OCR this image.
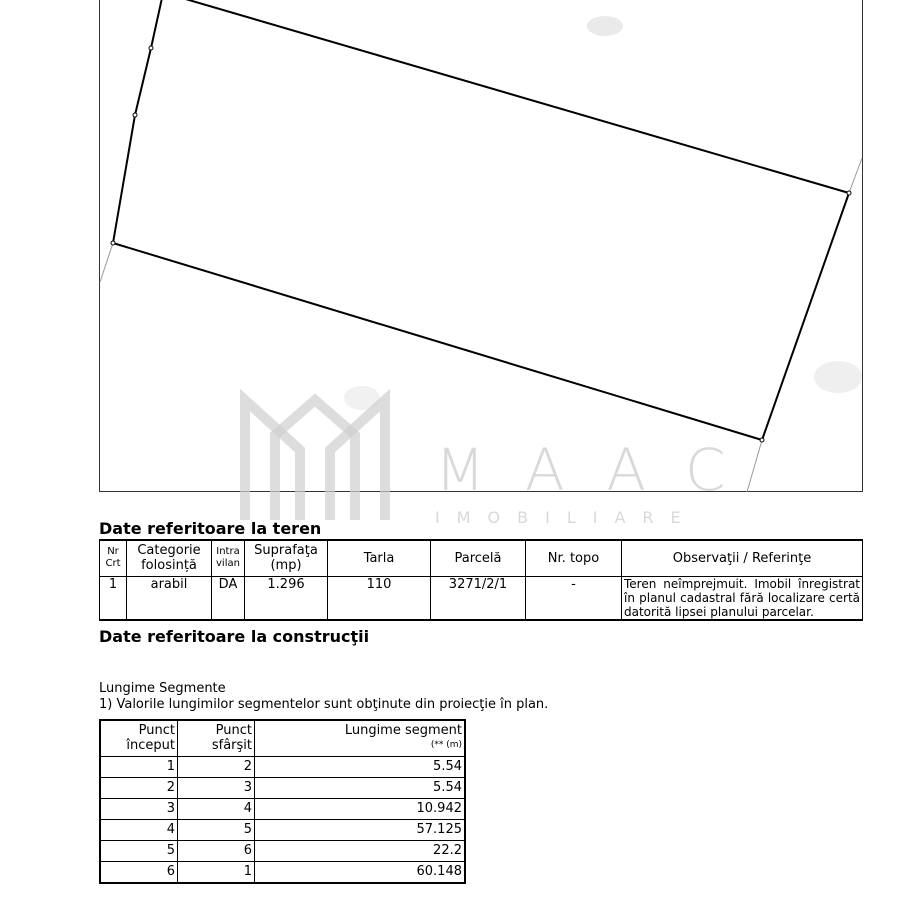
MAAC
IMOBILIARE
Date referitoare la teren
Nr Crt	Categorie folosință	Intra vilan	Suprafaţa (mp)	Tarla	Parcelă	Nr. topo	Observaţii / Referinţe
1	arabil	DA	1.296	110	3271/2/1	-	Teren neîmprejmuit. Imobil înregistrat în planul cadastral fără localizare certă datorită lipsei planului parcelar.
Date referitoare la construcţii
Lungime Segmente
1) Valorile lungimilor segmentelor sunt obţinute din proiecţie în plan.
Punct început	Punct sfârşit	Lungime segment
(** (m)

1	2	5.54
2	3	5.54
3	4	10.942
4	5	57.125
5	6	22.2
6	1	60.148
